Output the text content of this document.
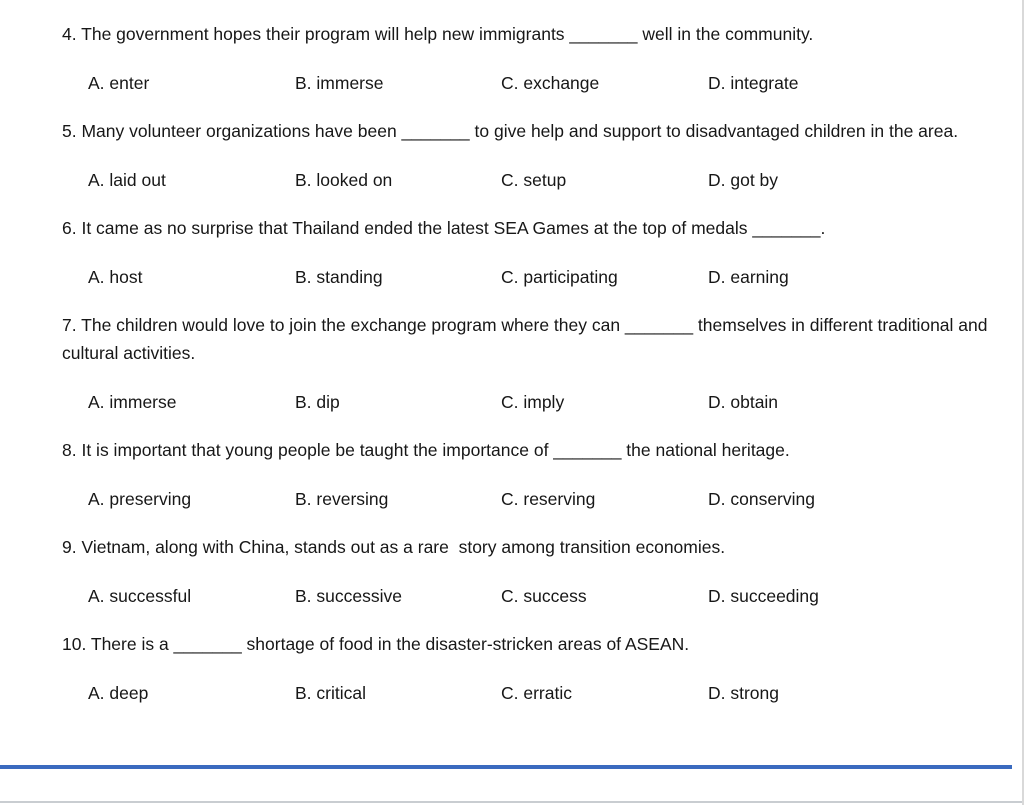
4. The government hopes their program will help new immigrants _______ well in the community.

A. enter	B. immerse	C. exchange	D. integrate

5. Many volunteer organizations have been _______ to give help and support to disadvantaged children in the area.

A. laid out	B. looked on	C. setup	D. got by

6. It came as no surprise that Thailand ended the latest SEA Games at the top of medals _______.

A. host	B. standing	C. participating	D. earning

7. The children would love to join the exchange program where they can _______ themselves in different traditional and cultural activities.

A. immerse	B. dip	C. imply	D. obtain

8. It is important that young people be taught the importance of _______ the national heritage.

A. preserving	B. reversing	C. reserving	D. conserving

9. Vietnam, along with China, stands out as a rare  story among transition economies.

A. successful	B. successive	C. success	D. succeeding

10. There is a _______ shortage of food in the disaster-stricken areas of ASEAN.

A. deep	B. critical	C. erratic	D. strong
